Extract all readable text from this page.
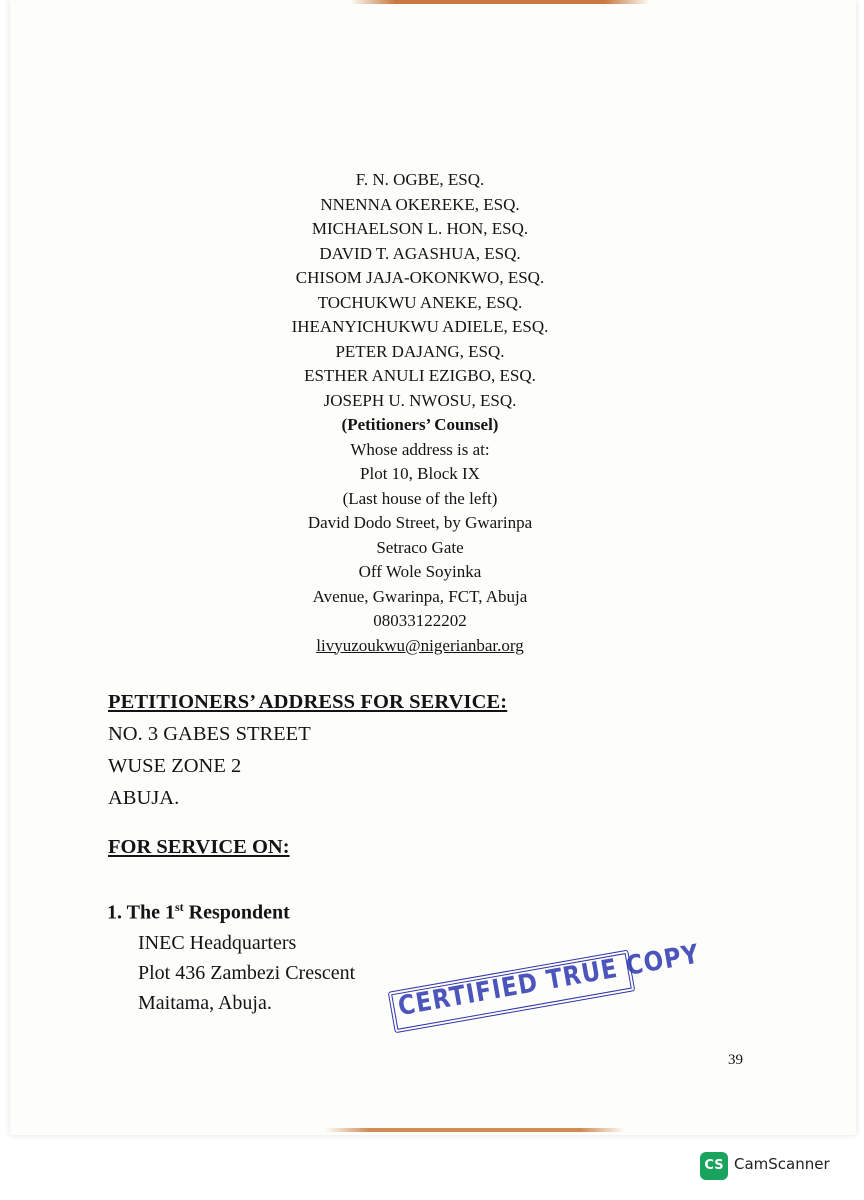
F. N. OGBE, ESQ.
NNENNA OKEREKE, ESQ.
MICHAELSON L. HON, ESQ.
DAVID T. AGASHUA, ESQ.
CHISOM JAJA-OKONKWO, ESQ.
TOCHUKWU ANEKE, ESQ.
IHEANYICHUKWU ADIELE, ESQ.
PETER DAJANG, ESQ.
ESTHER ANULI EZIGBO, ESQ.
JOSEPH U. NWOSU, ESQ.
(Petitioners’ Counsel)
Whose address is at:
Plot 10, Block IX
(Last house of the left)
David Dodo Street, by Gwarinpa
Setraco Gate
Off Wole Soyinka
Avenue, Gwarinpa, FCT, Abuja
08033122202
livyuzoukwu@nigerianbar.org
PETITIONERS’ ADDRESS FOR SERVICE:
NO. 3 GABES STREET
WUSE ZONE 2
ABUJA.
FOR SERVICE ON:
1. The 1st Respondent
INEC Headquarters
Plot 436 Zambezi Crescent
Maitama, Abuja.	CERTIFIED TRUE COPY
39
CS CamScanner
